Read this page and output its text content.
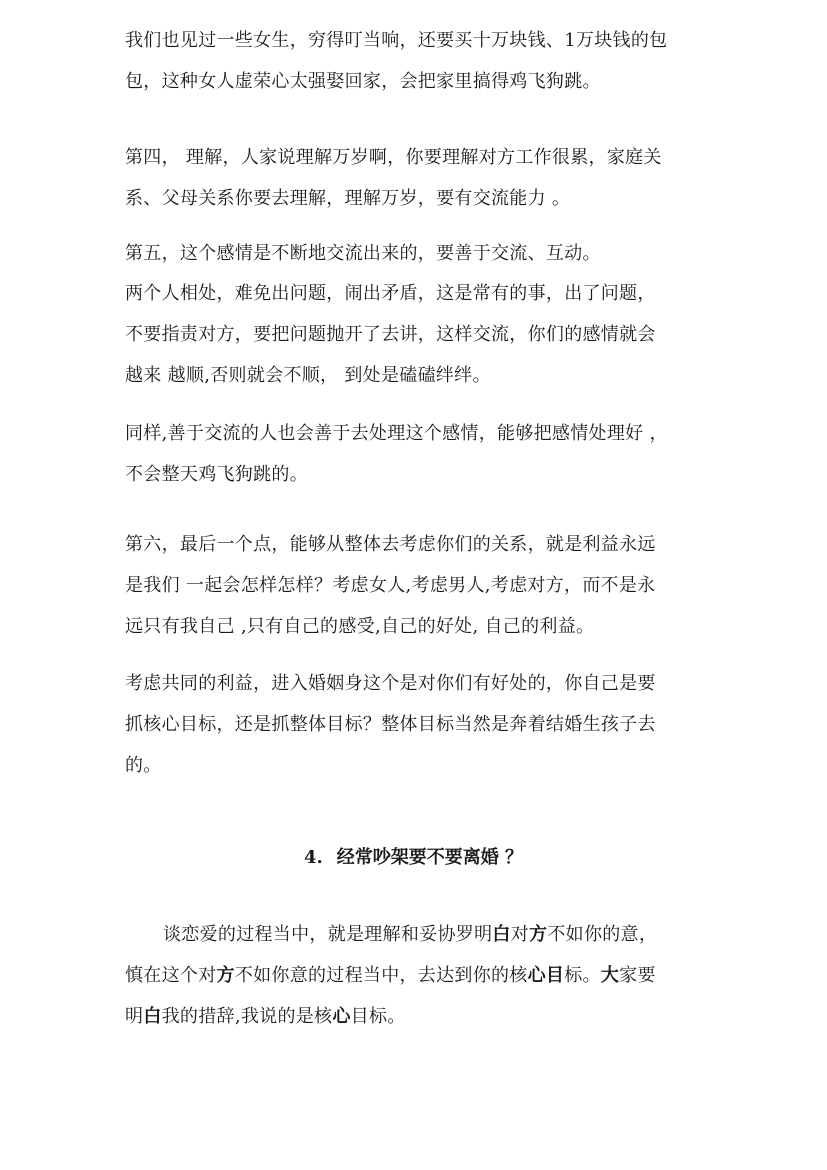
我们也见过一些女生，穷得叮当响，还要买十万块钱、1万块钱的包
包，这种女人虚荣心太强娶回家，会把家里搞得鸡飞狗跳。

第四， 理解，人家说理解万岁啊，你要理解对方工作很累，家庭关
系、父母关系你要去理解，理解万岁，要有交流能力 。

第五，这个感情是不断地交流出来的，要善于交流、互动。
两个人相处，难免出问题，闹出矛盾，这是常有的事，出了问题，
不要指责对方，要把问题抛开了去讲，这样交流，你们的感情就会
越来 越顺,否则就会不顺， 到处是磕磕绊绊。

同样,善于交流的人也会善于去处理这个感情，能够把感情处理好 ，
不会整天鸡飞狗跳的。

第六，最后一个点，能够从整体去考虑你们的关系，就是利益永远
是我们 一起会怎样怎样？考虑女人,考虑男人,考虑对方，而不是永
远只有我自己 ,只有自己的感受,自己的好处, 自己的利益。

考虑共同的利益，进入婚姻身这个是对你们有好处的，你自己是要
抓核心目标，还是抓整体目标？整体目标当然是奔着结婚生孩子去
的。

4. 经常吵架要不要离婚 ？

谈恋爱的过程当中，就是理解和妥协罗明白对方不如你的意，
慎在这个对方不如你意的过程当中，去达到你的核心目标。大家要
明白我的措辞,我说的是核心目标。
